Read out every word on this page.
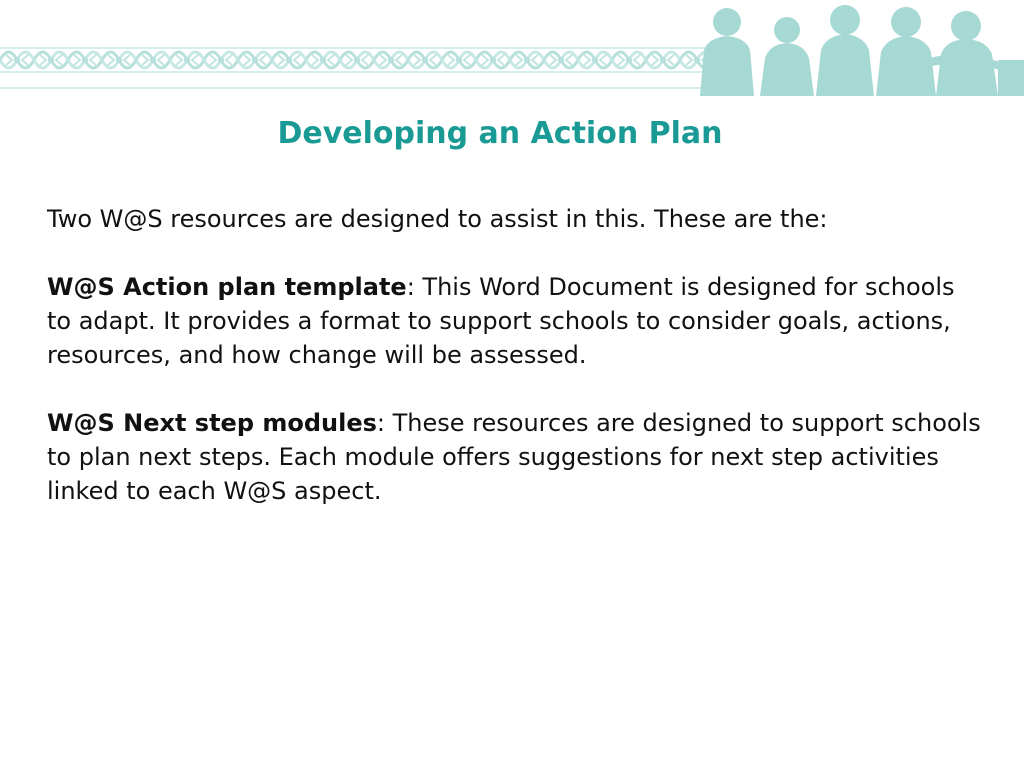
Developing an Action Plan

Two W@S resources are designed to assist in this. These are the:

W@S Action plan template: This Word Document is designed for schools to adapt. It provides a format to support schools to consider goals, actions, resources, and how change will be assessed.

W@S Next step modules: These resources are designed to support schools to plan next steps. Each module offers suggestions for next step activities linked to each W@S aspect.
